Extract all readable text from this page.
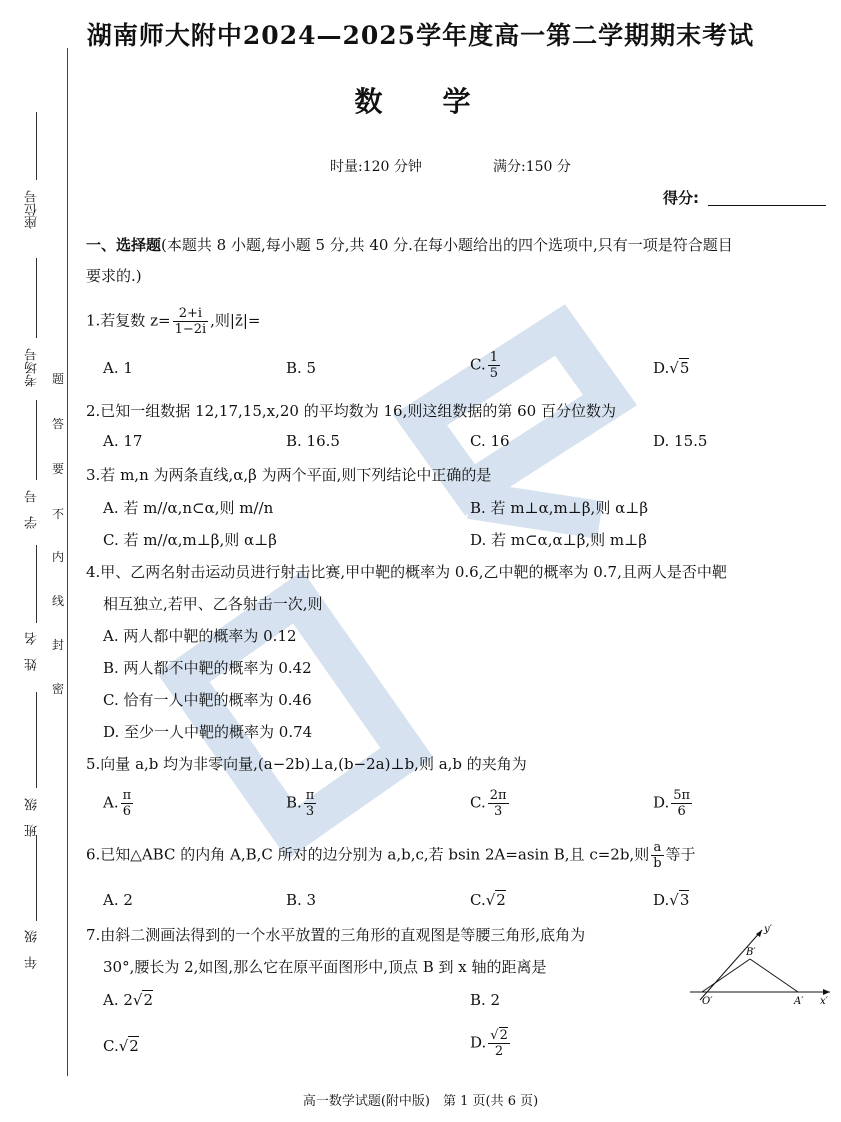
湖南师大附中2024—2025学年度高一第二学期期末考试
数　学
时量:120 分钟	满分:150 分
得分:
座位号
考场号
学　号
姓　名
班　级
年　级
题
答
要
不
内
线
封
密
一、选择题(本题共 8 小题,每小题 5 分,共 40 分.在每小题给出的四个选项中,只有一项是符合题目
要求的.)
1.若复数 $z= \frac{2+i}{1-2i}$ ,则|z̄|=
A. 1	B. 5	C. $\frac{1}{5}$	D.√5
2.已知一组数据 12,17,15,x,20 的平均数为 16,则这组数据的第 60 百分位数为
A. 17	B. 16.5	C. 16	D. 15.5
3.若 m,n 为两条直线,α,β 为两个平面,则下列结论中正确的是
A. 若 m//α,n⊂α,则 m//n	B. 若 m⊥α,m⊥β,则 α⊥β
C. 若 m//α,m⊥β,则 α⊥β	D. 若 m⊂α,α⊥β,则 m⊥β
4.甲、乙两名射击运动员进行射击比赛,甲中靶的概率为 0.6,乙中靶的概率为 0.7,且两人是否中靶
相互独立,若甲、乙各射击一次,则
A. 两人都中靶的概率为 0.12
B. 两人都不中靶的概率为 0.42
C. 恰有一人中靶的概率为 0.46
D. 至少一人中靶的概率为 0.74
5.向量 a,b 均为非零向量,(a−2b)⊥a,(b−2a)⊥b,则 a,b 的夹角为
A. $\frac{\pi}{6}$	B. $\frac{\pi}{3}$	C. $\frac{2\pi}{3}$	D. $\frac{5\pi}{6}$
6.已知△ABC 的内角 A,B,C 所对的边分别为 a,b,c,若 bsin 2A=asin B,且 c=2b,则 $\frac{a}{b}$ 等于
A. 2	B. 3	C.√2	D.√3
7.由斜二测画法得到的一个水平放置的三角形的直观图是等腰三角形,底角为
30°,腰长为 2,如图,那么它在原平面图形中,顶点 B 到 x 轴的距离是
A. 2√2	B. 2
C.√2	D. $\frac{√2}{2}$
y′
B′
O′	A′ x′
高一数学试题(附中版)　第 1 页(共 6 页)
